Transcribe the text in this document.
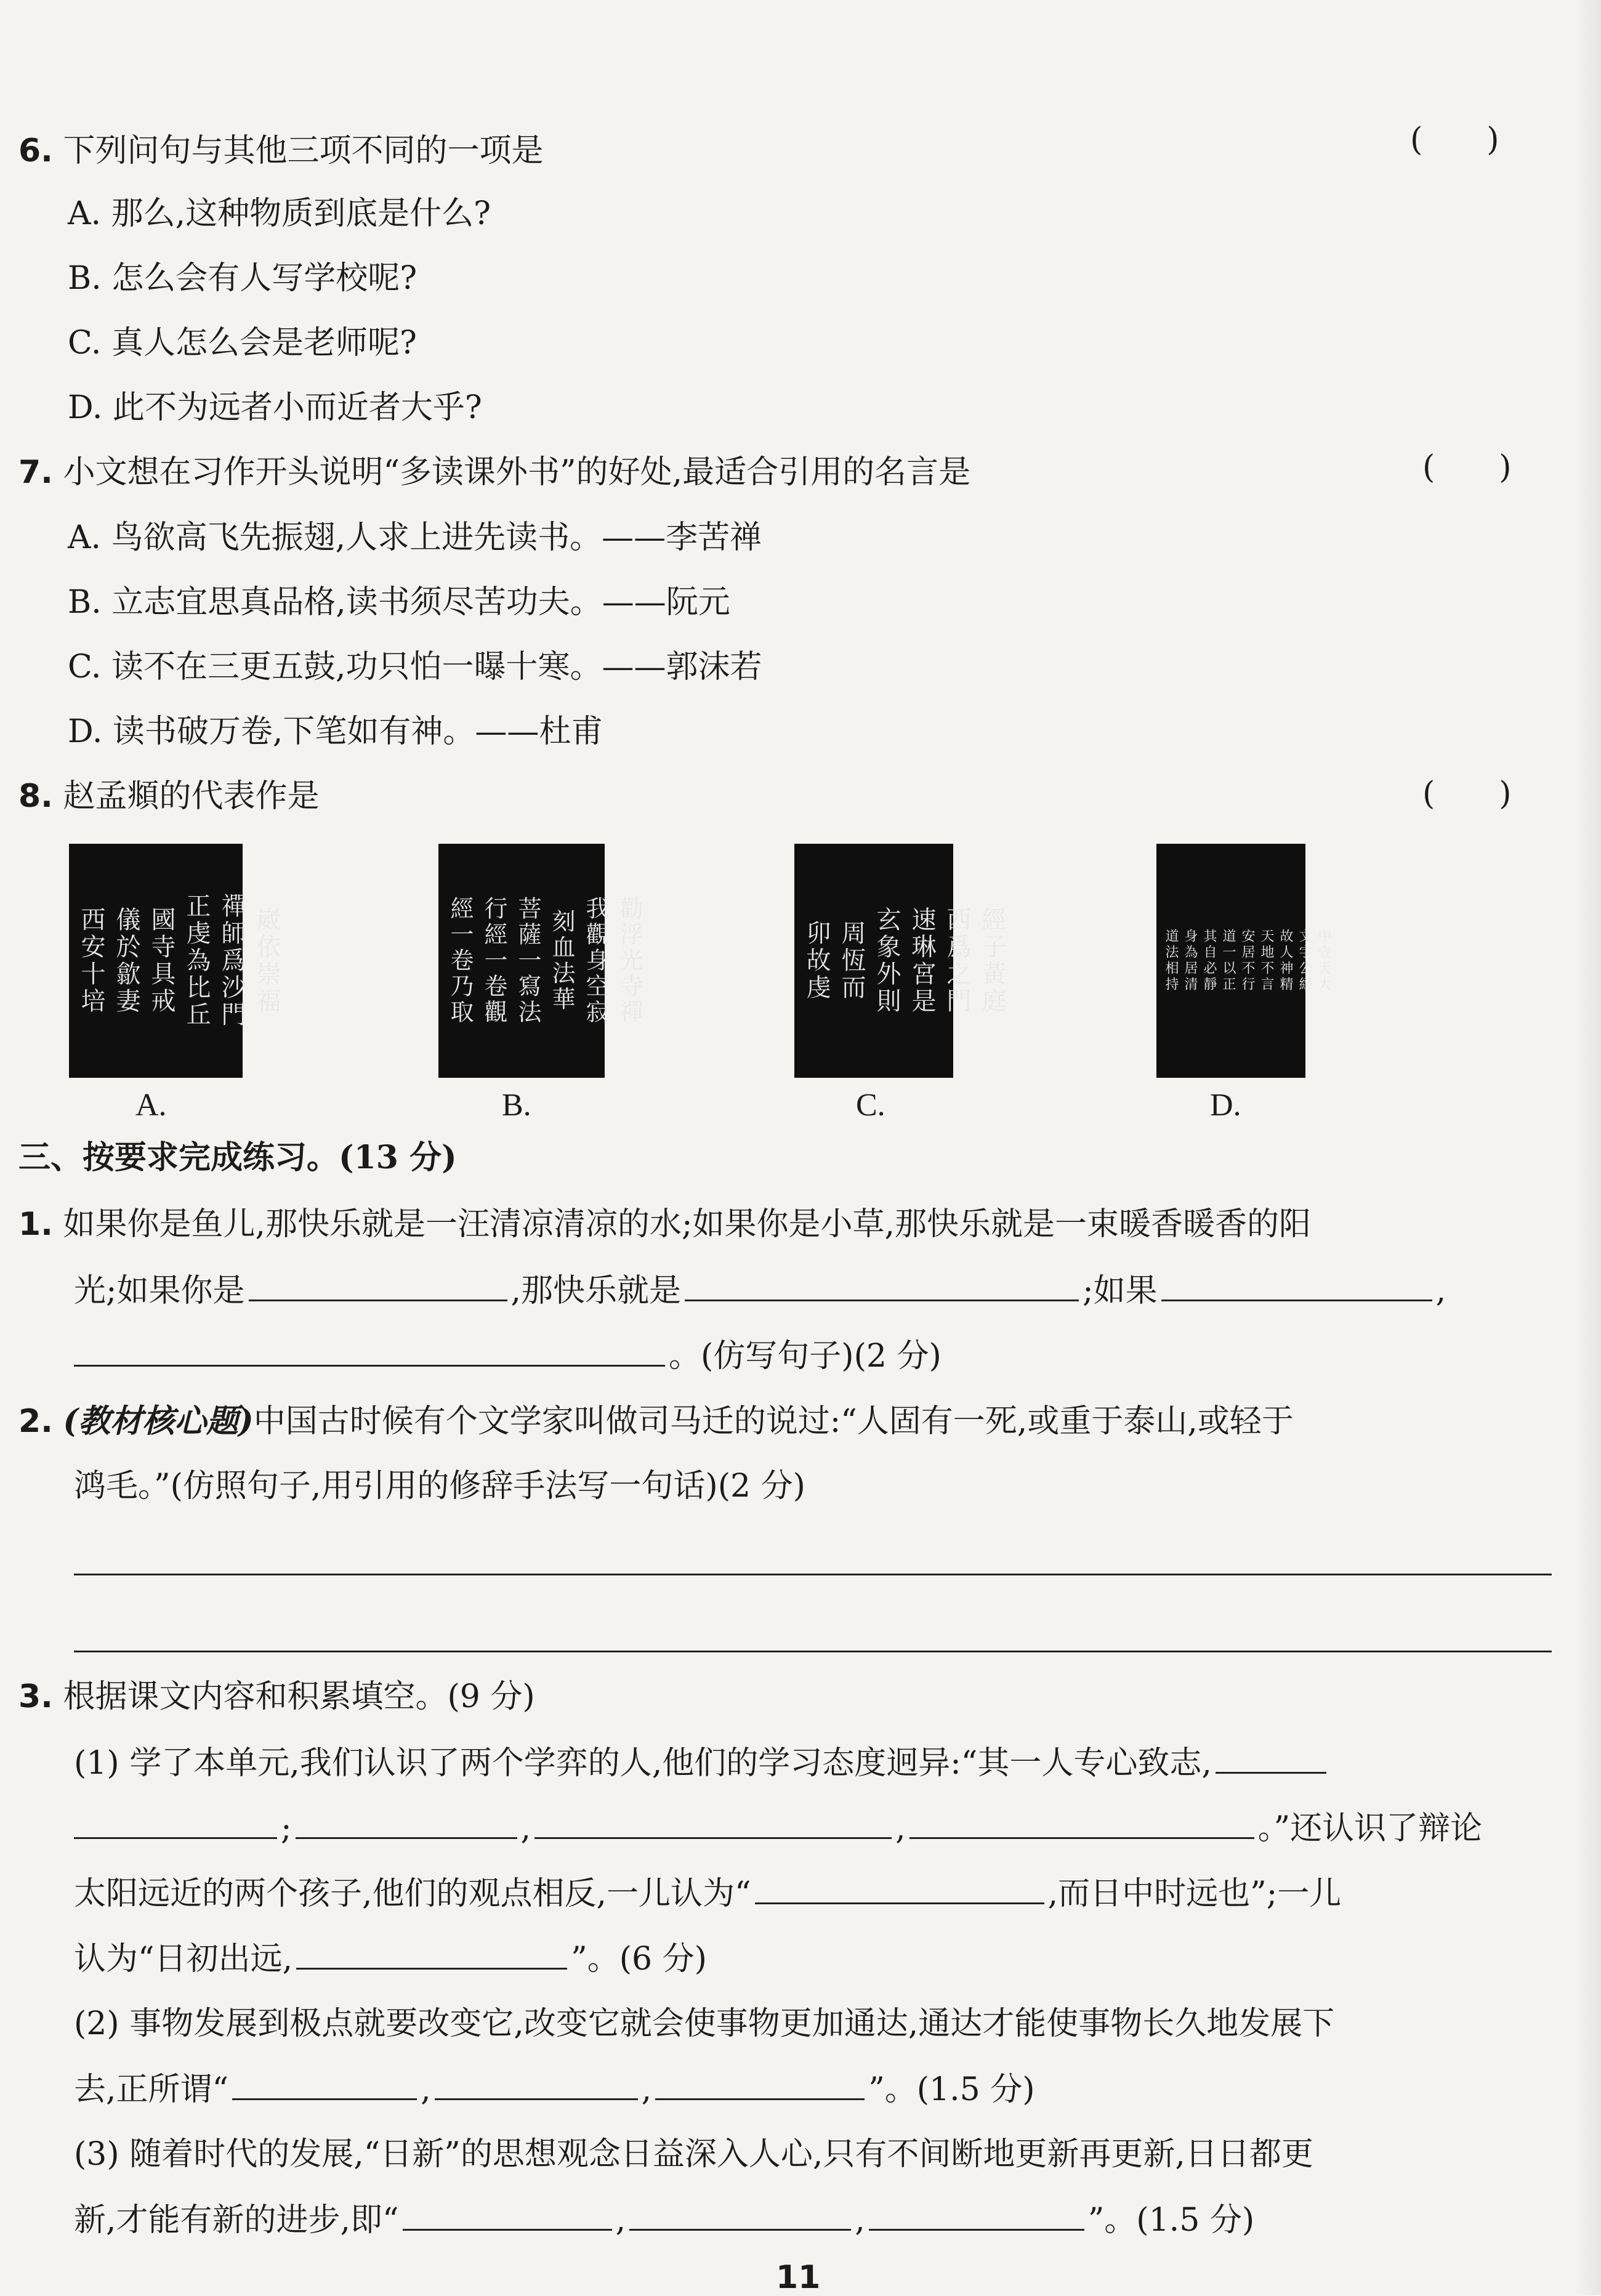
6. 下列问句与其他三项不同的一项是	(　　)
A. 那么,这种物质到底是什么?
B. 怎么会有人写学校呢?
C. 真人怎么会是老师呢?
D. 此不为远者小而近者大乎?
7. 小文想在习作开头说明“多读课外书”的好处,最适合引用的名言是	(　　)
A. 鸟欲高飞先振翅,人求上进先读书。——李苦禅
B. 立志宜思真品格,读书须尽苦功夫。——阮元
C. 读不在三更五鼓,功只怕一曝十寒。——郭沫若
D. 读书破万卷,下笔如有神。——杜甫
8. 赵孟頫的代表作是	(　　)
崴依崇福
禪師爲沙門
正虔為比丘
國寺具戒
儀於歙妻
西安十培
A.
勸浮光寺禪
我觀身空寂
刻血法華
菩薩一寫法
行經一卷觀
經一卷乃取
B.
經子黃庭
西爲之門
速琳宮是
玄象外則
周恆而
卯故虔
C.
中壹天大
文字公經
故人神精
天地不言
安居不行
道一以正
其自必靜
身為居清
道法相持
D.
三、按要求完成练习。(13 分)
1. 如果你是鱼儿,那快乐就是一汪清凉清凉的水;如果你是小草,那快乐就是一束暖香暖香的阳
光;如果你是	,那快乐就是	;如果	,
。(仿写句子)(2 分)
2. (教材核心题)中国古时候有个文学家叫做司马迁的说过:“人固有一死,或重于泰山,或轻于
鸿毛。”(仿照句子,用引用的修辞手法写一句话)(2 分)
3. 根据课文内容和积累填空。(9 分)
(1) 学了本单元,我们认识了两个学弈的人,他们的学习态度迥异:“其一人专心致志,
;	,	,	。”还认识了辩论
太阳远近的两个孩子,他们的观点相反,一儿认为“	,而日中时远也”;一儿
认为“日初出远,	”。(6 分)
(2) 事物发展到极点就要改变它,改变它就会使事物更加通达,通达才能使事物长久地发展下
去,正所谓“	,	,	”。(1.5 分)
(3) 随着时代的发展,“日新”的思想观念日益深入人心,只有不间断地更新再更新,日日都更
新,才能有新的进步,即“	,	,	”。(1.5 分)
11
